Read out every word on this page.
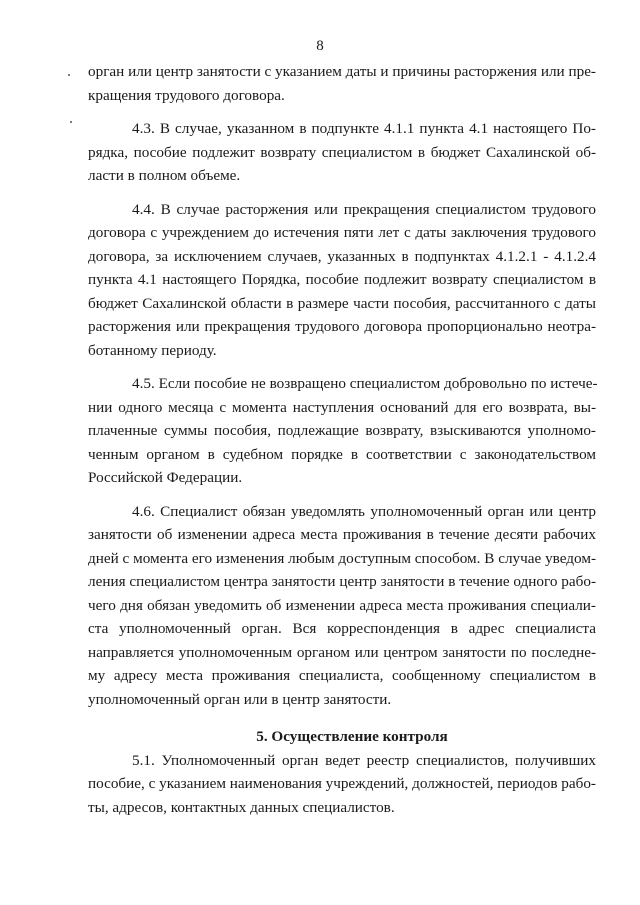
8
орган или центр занятости с указанием даты и причины расторжения или пре-
кращения трудового договора.
4.3. В случае, указанном в подпункте 4.1.1 пункта 4.1 настоящего По-
рядка, пособие подлежит возврату специалистом в бюджет Сахалинской об-
ласти в полном объеме.
4.4. В случае расторжения или прекращения специалистом трудового
договора с учреждением до истечения пяти лет с даты заключения трудового
договора, за исключением случаев, указанных в подпунктах 4.1.2.1 - 4.1.2.4
пункта 4.1 настоящего Порядка, пособие подлежит возврату специалистом в
бюджет Сахалинской области в размере части пособия, рассчитанного с даты
расторжения или прекращения трудового договора пропорционально неотра-
ботанному периоду.
4.5. Если пособие не возвращено специалистом добровольно по истече-
нии одного месяца с момента наступления оснований для его возврата, вы-
плаченные суммы пособия, подлежащие возврату, взыскиваются уполномо-
ченным органом в судебном порядке в соответствии с законодательством
Российской Федерации.
4.6. Специалист обязан уведомлять уполномоченный орган или центр
занятости об изменении адреса места проживания в течение десяти рабочих
дней с момента его изменения любым доступным способом. В случае уведом-
ления специалистом центра занятости центр занятости в течение одного рабо-
чего дня обязан уведомить об изменении адреса места проживания специали-
ста уполномоченный орган. Вся корреспонденция в адрес специалиста
направляется уполномоченным органом или центром занятости по последне-
му адресу места проживания специалиста, сообщенному специалистом в
уполномоченный орган или в центр занятости.
5. Осуществление контроля
5.1. Уполномоченный орган ведет реестр специалистов, получивших
пособие, с указанием наименования учреждений, должностей, периодов рабо-
ты, адресов, контактных данных специалистов.
